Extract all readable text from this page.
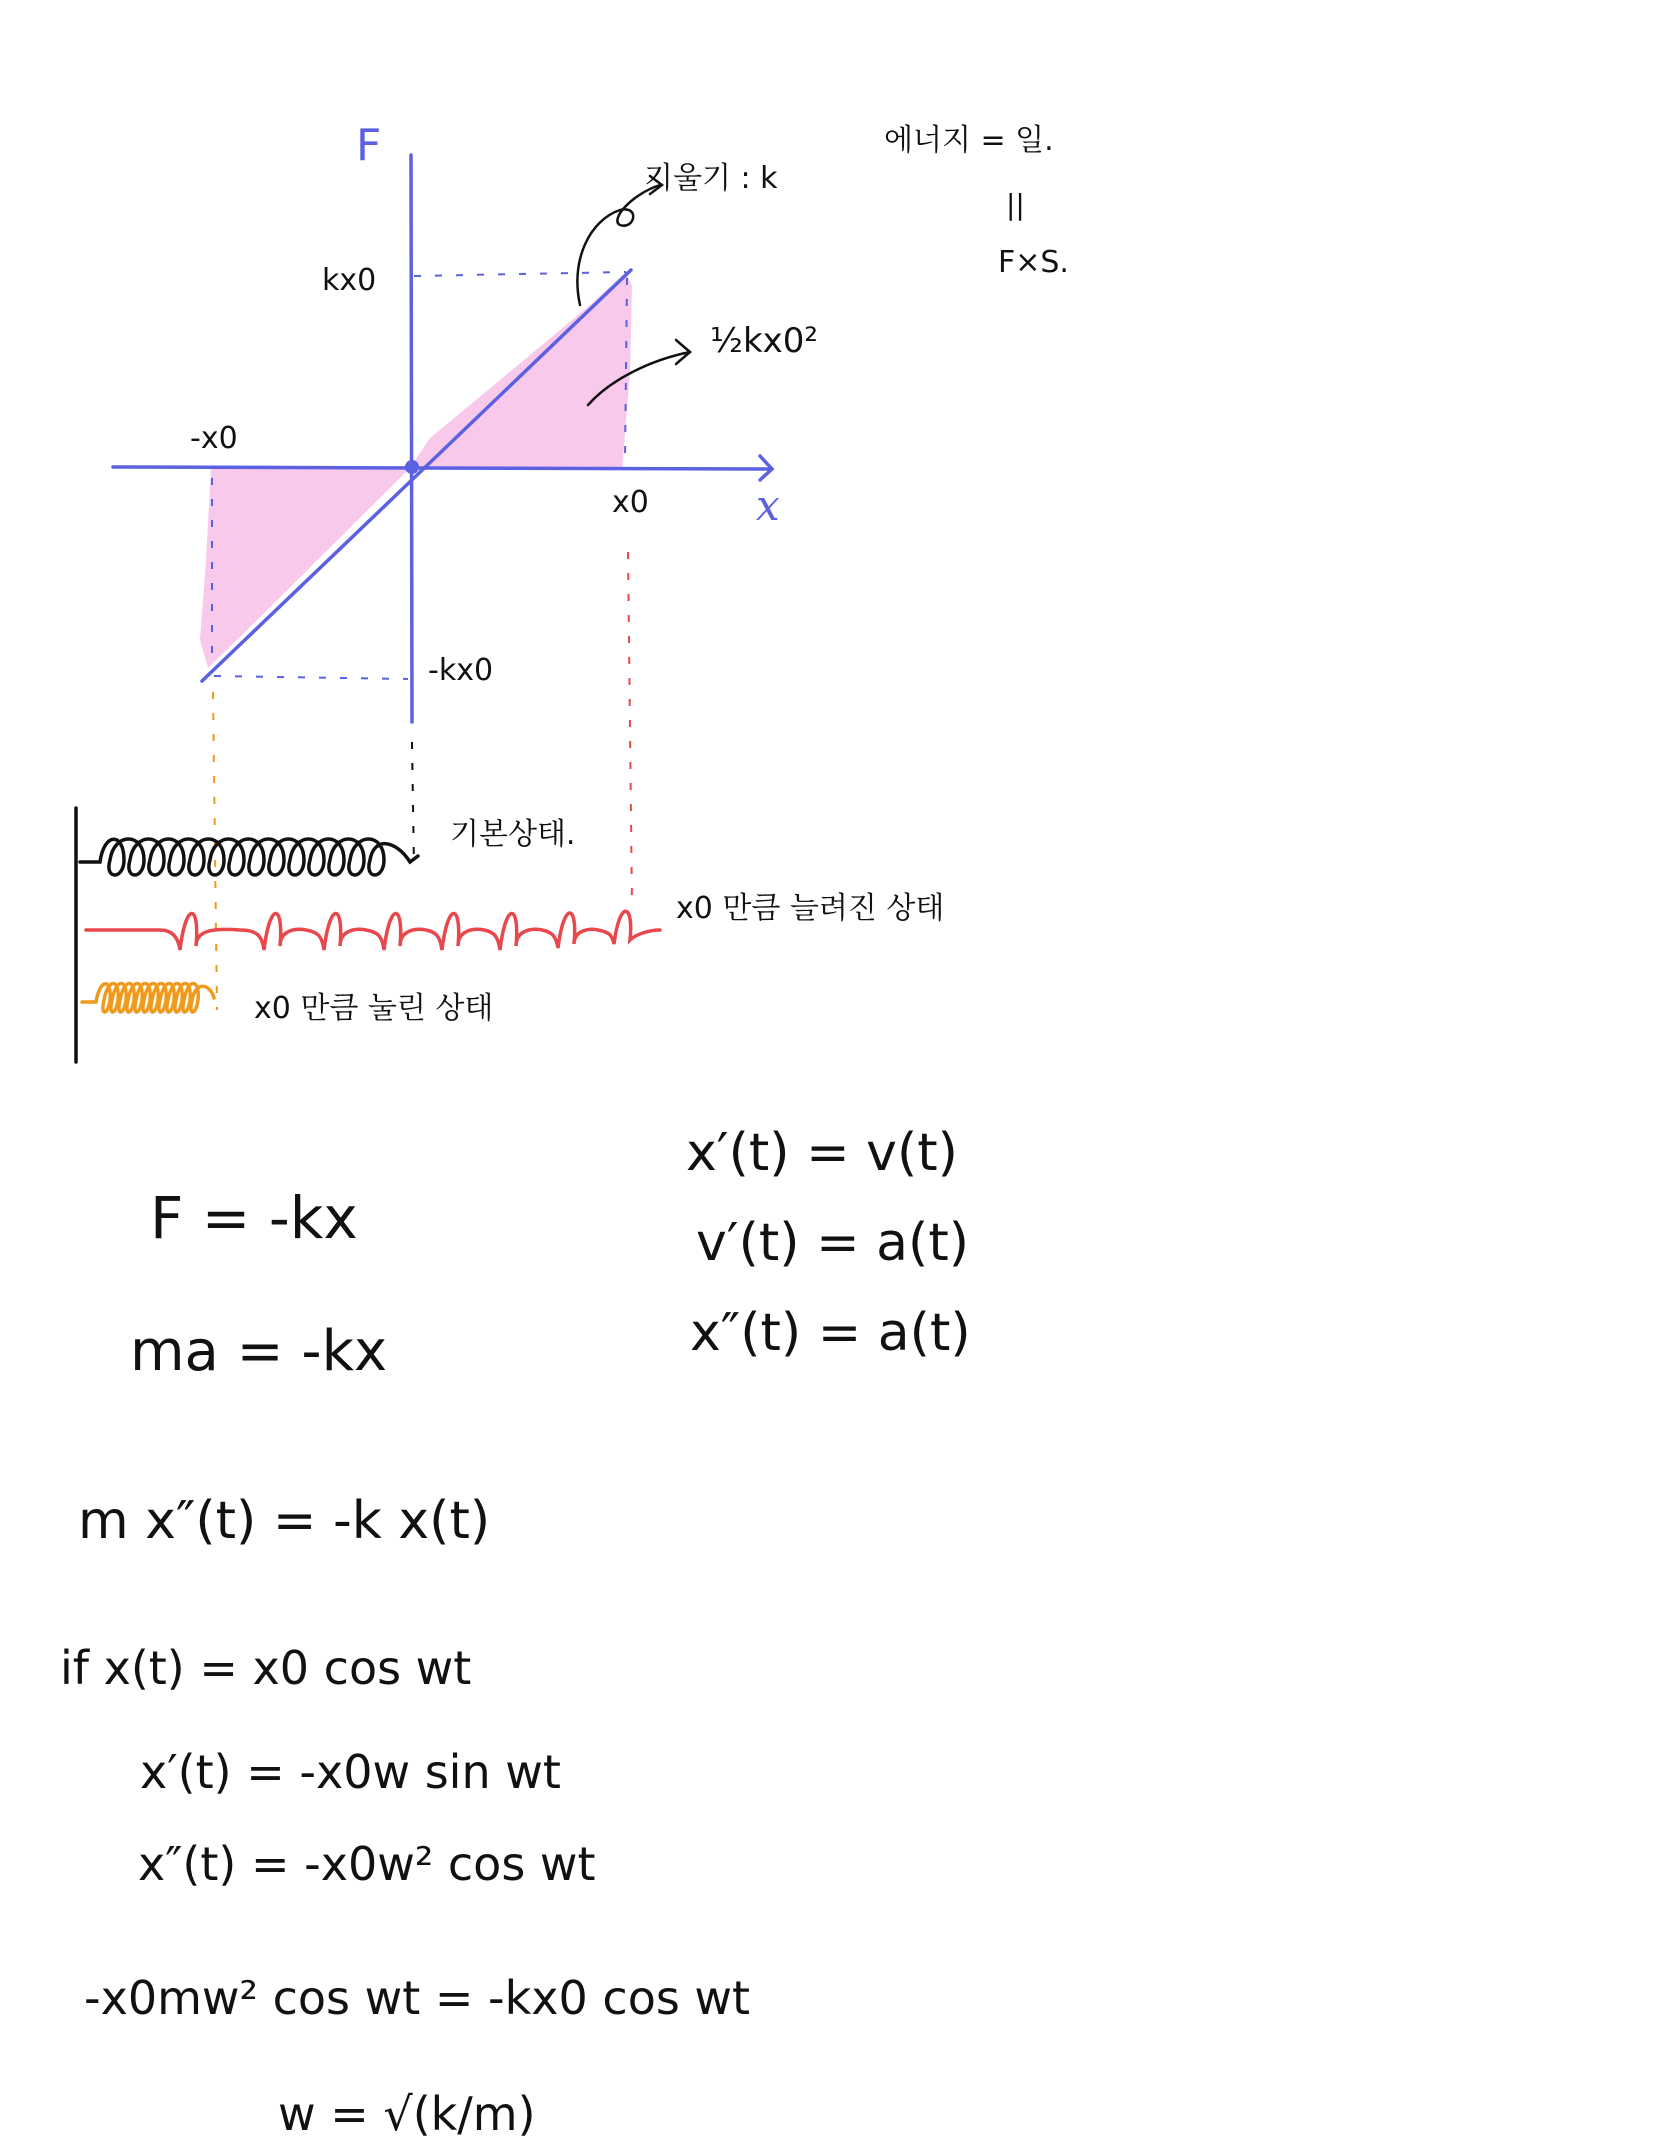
F
x
kx0
-kx0
-x0
x0
기울기 : k
½kx0²
에너지 = 일.
||
F×S.
기본상태.
x0 만큼 늘려진 상태
x0 만큼 눌린 상태
F = -kx
ma = -kx
m x″(t) = -k x(t)
x′(t) = v(t)
v′(t) = a(t)
x″(t) = a(t)
if x(t) = x0 cos wt
x′(t) = -x0w sin wt
x″(t) = -x0w² cos wt
-x0mw² cos wt = -kx0 cos wt
w = √(k/m)
